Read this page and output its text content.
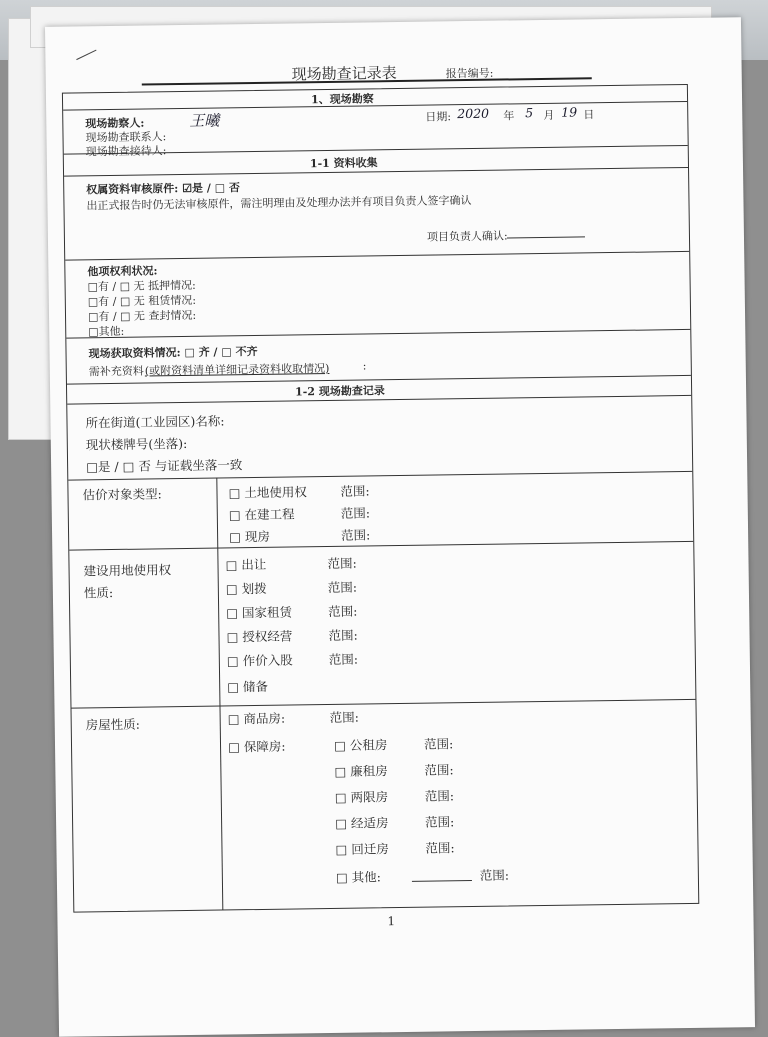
现场勘查记录表	报告编号:
1、现场勘察
现场勘察人:	王曦
现场勘查联系人:
现场勘查接待人:
日期: 2020 年 5 月 19 日
1-1 资料收集
权属资料审核原件: ☑是 / □ 否
出正式报告时仍无法审核原件，需注明理由及处理办法并有项目负责人签字确认
项目负责人确认:
他项权利状况:
□有 / □ 无 抵押情况:
□有 / □ 无 租赁情况:
□有 / □ 无 查封情况:
□其他:
现场获取资料情况: □ 齐 / □ 不齐
需补充资料 (或附资料清单详细记录资料收取情况)	:
1-2 现场勘查记录
所在街道(工业园区)名称:
现状楼牌号(坐落):
□是 / □ 否 与证载坐落一致
估价对象类型:	□ 土地使用权	范围:
□ 在建工程	范围:
□ 现房	范围:
建设用地使用权
性质:
□ 出让	范围:
□ 划拨	范围:
□ 国家租赁	范围:
□ 授权经营	范围:
□ 作价入股	范围:
□ 储备
房屋性质:	□ 商品房:	范围:
□ 保障房:	□ 公租房	范围:
□ 廉租房	范围:
□ 两限房	范围:
□ 经适房	范围:
□ 回迁房	范围:
□ 其他:	范围:
1
